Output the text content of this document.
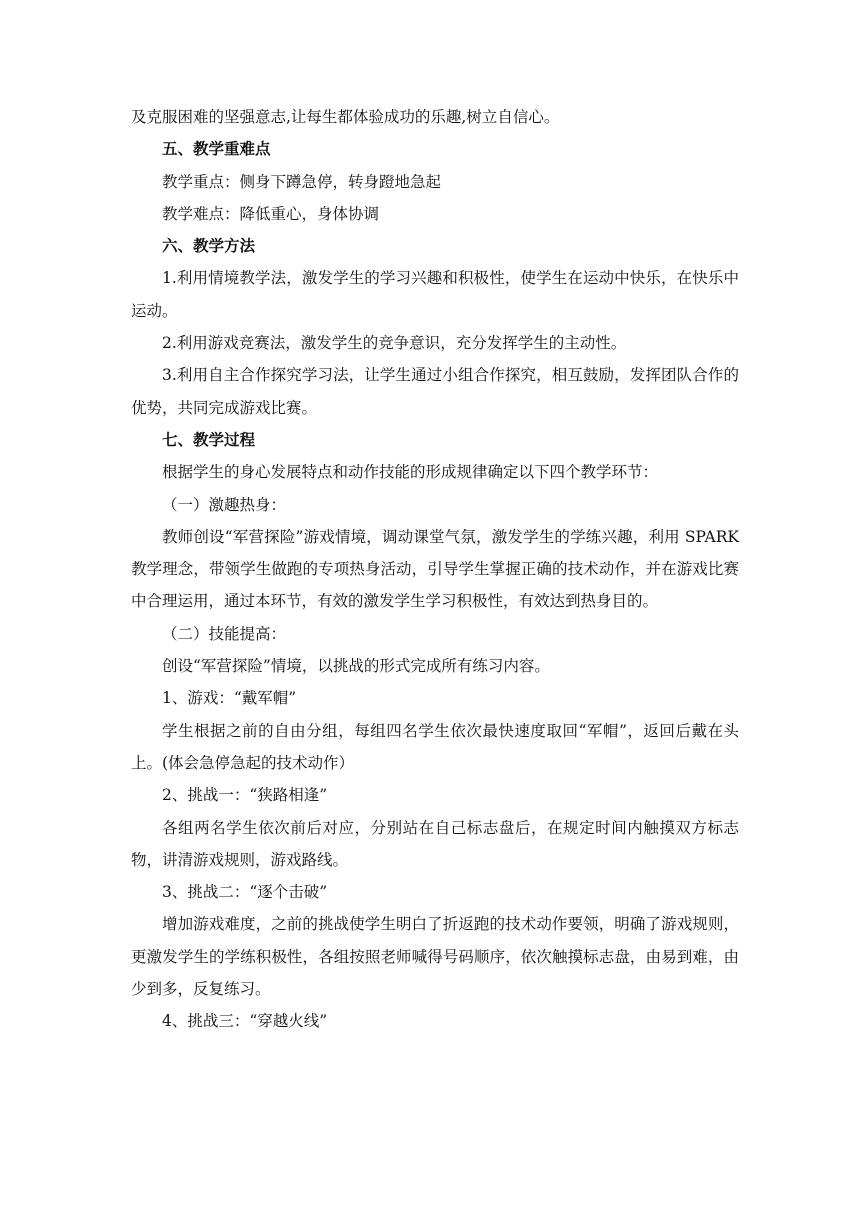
及克服困难的坚强意志,让每生都体验成功的乐趣,树立自信心。

五、教学重难点

教学重点：侧身下蹲急停，转身蹬地急起

教学难点：降低重心，身体协调

六、教学方法

1.利用情境教学法，激发学生的学习兴趣和积极性，使学生在运动中快乐，在快乐中运动。

2.利用游戏竞赛法，激发学生的竞争意识，充分发挥学生的主动性。

3.利用自主合作探究学习法，让学生通过小组合作探究，相互鼓励，发挥团队合作的优势，共同完成游戏比赛。

七、教学过程

根据学生的身心发展特点和动作技能的形成规律确定以下四个教学环节：

（一）激趣热身：

教师创设“军营探险”游戏情境，调动课堂气氛，激发学生的学练兴趣，利用 SPARK 教学理念，带领学生做跑的专项热身活动，引导学生掌握正确的技术动作，并在游戏比赛中合理运用，通过本环节，有效的激发学生学习积极性，有效达到热身目的。

（二）技能提高：

创设“军营探险”情境，以挑战的形式完成所有练习内容。

1、游戏：“戴军帽”

学生根据之前的自由分组，每组四名学生依次最快速度取回“军帽”，返回后戴在头上。(体会急停急起的技术动作）

2、挑战一：“狭路相逢”

各组两名学生依次前后对应，分别站在自己标志盘后，在规定时间内触摸双方标志物，讲清游戏规则，游戏路线。

3、挑战二：“逐个击破”

增加游戏难度，之前的挑战使学生明白了折返跑的技术动作要领，明确了游戏规则，更激发学生的学练积极性，各组按照老师喊得号码顺序，依次触摸标志盘，由易到难，由少到多，反复练习。

4、挑战三：“穿越火线”
